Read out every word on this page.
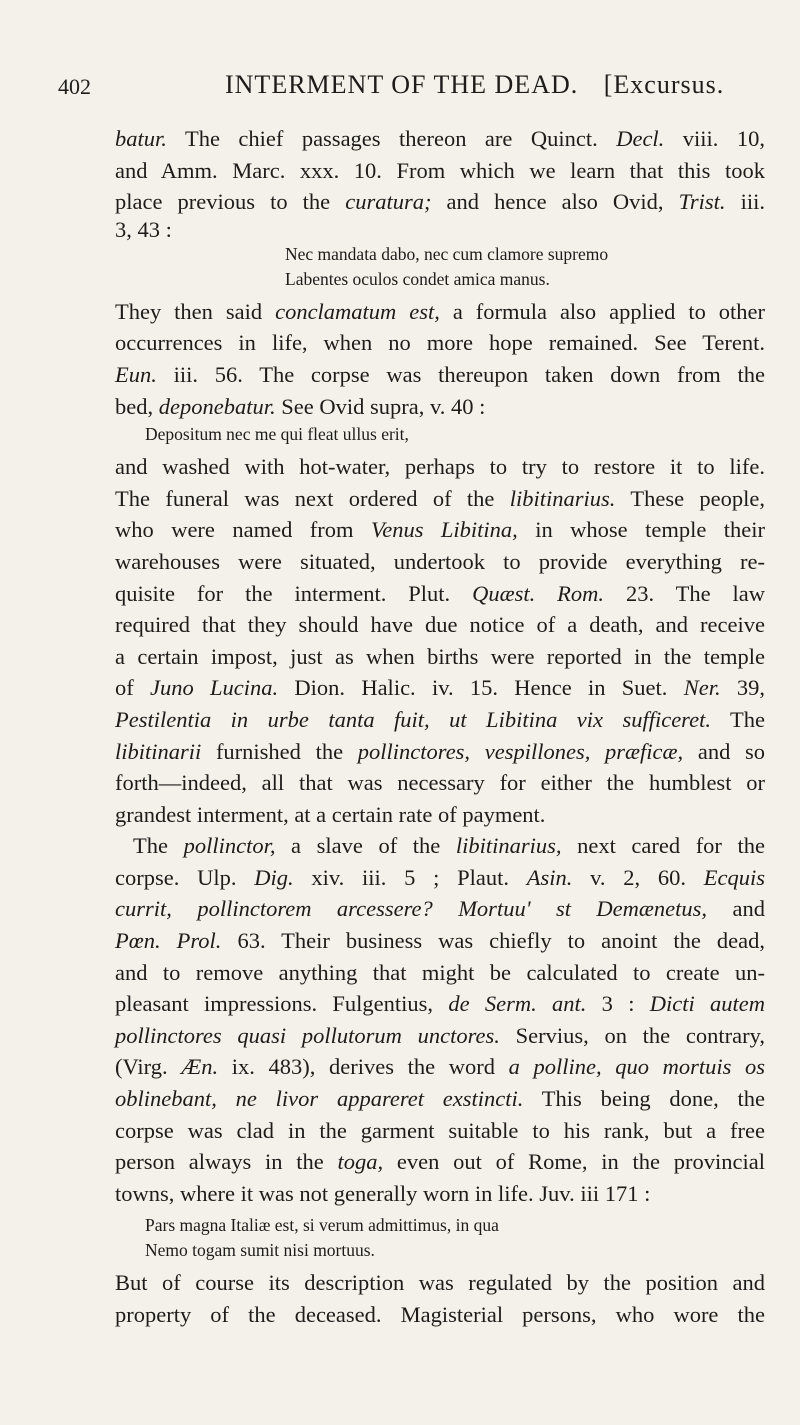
402	INTERMENT OF THE DEAD. [Excursus.
batur. The chief passages thereon are Quinct. Decl. viii. 10,
and Amm. Marc. xxx. 10. From which we learn that this took
place previous to the curatura; and hence also Ovid, Trist. iii.
3, 43 :
Nec mandata dabo, nec cum clamore supremo
Labentes oculos condet amica manus.
They then said conclamatum est, a formula also applied to other
occurrences in life, when no more hope remained. See Terent.
Eun. iii. 56. The corpse was thereupon taken down from the
bed, deponebatur. See Ovid supra, v. 40 :
Depositum nec me qui fleat ullus erit,
and washed with hot-water, perhaps to try to restore it to life.
The funeral was next ordered of the libitinarius. These people,
who were named from Venus Libitina, in whose temple their
warehouses were situated, undertook to provide everything re-
quisite for the interment. Plut. Quæst. Rom. 23. The law
required that they should have due notice of a death, and receive
a certain impost, just as when births were reported in the temple
of Juno Lucina. Dion. Halic. iv. 15. Hence in Suet. Ner. 39,
Pestilentia in urbe tanta fuit, ut Libitina vix sufficeret. The
libitinarii furnished the pollinctores, vespillones, præficæ, and so
forth—indeed, all that was necessary for either the humblest or
grandest interment, at a certain rate of payment.
The pollinctor, a slave of the libitinarius, next cared for the
corpse. Ulp. Dig. xiv. iii. 5 ; Plaut. Asin. v. 2, 60. Ecquis
currit, pollinctorem arcessere? Mortuu' st Demænetus, and
Pœn. Prol. 63. Their business was chiefly to anoint the dead,
and to remove anything that might be calculated to create un-
pleasant impressions. Fulgentius, de Serm. ant. 3 : Dicti autem
pollinctores quasi pollutorum unctores. Servius, on the contrary,
(Virg. Æn. ix. 483), derives the word a polline, quo mortuis os
oblinebant, ne livor appareret exstincti. This being done, the
corpse was clad in the garment suitable to his rank, but a free
person always in the toga, even out of Rome, in the provincial
towns, where it was not generally worn in life. Juv. iii 171 :
Pars magna Italiæ est, si verum admittimus, in qua
Nemo togam sumit nisi mortuus.
But of course its description was regulated by the position and
property of the deceased. Magisterial persons, who wore the
